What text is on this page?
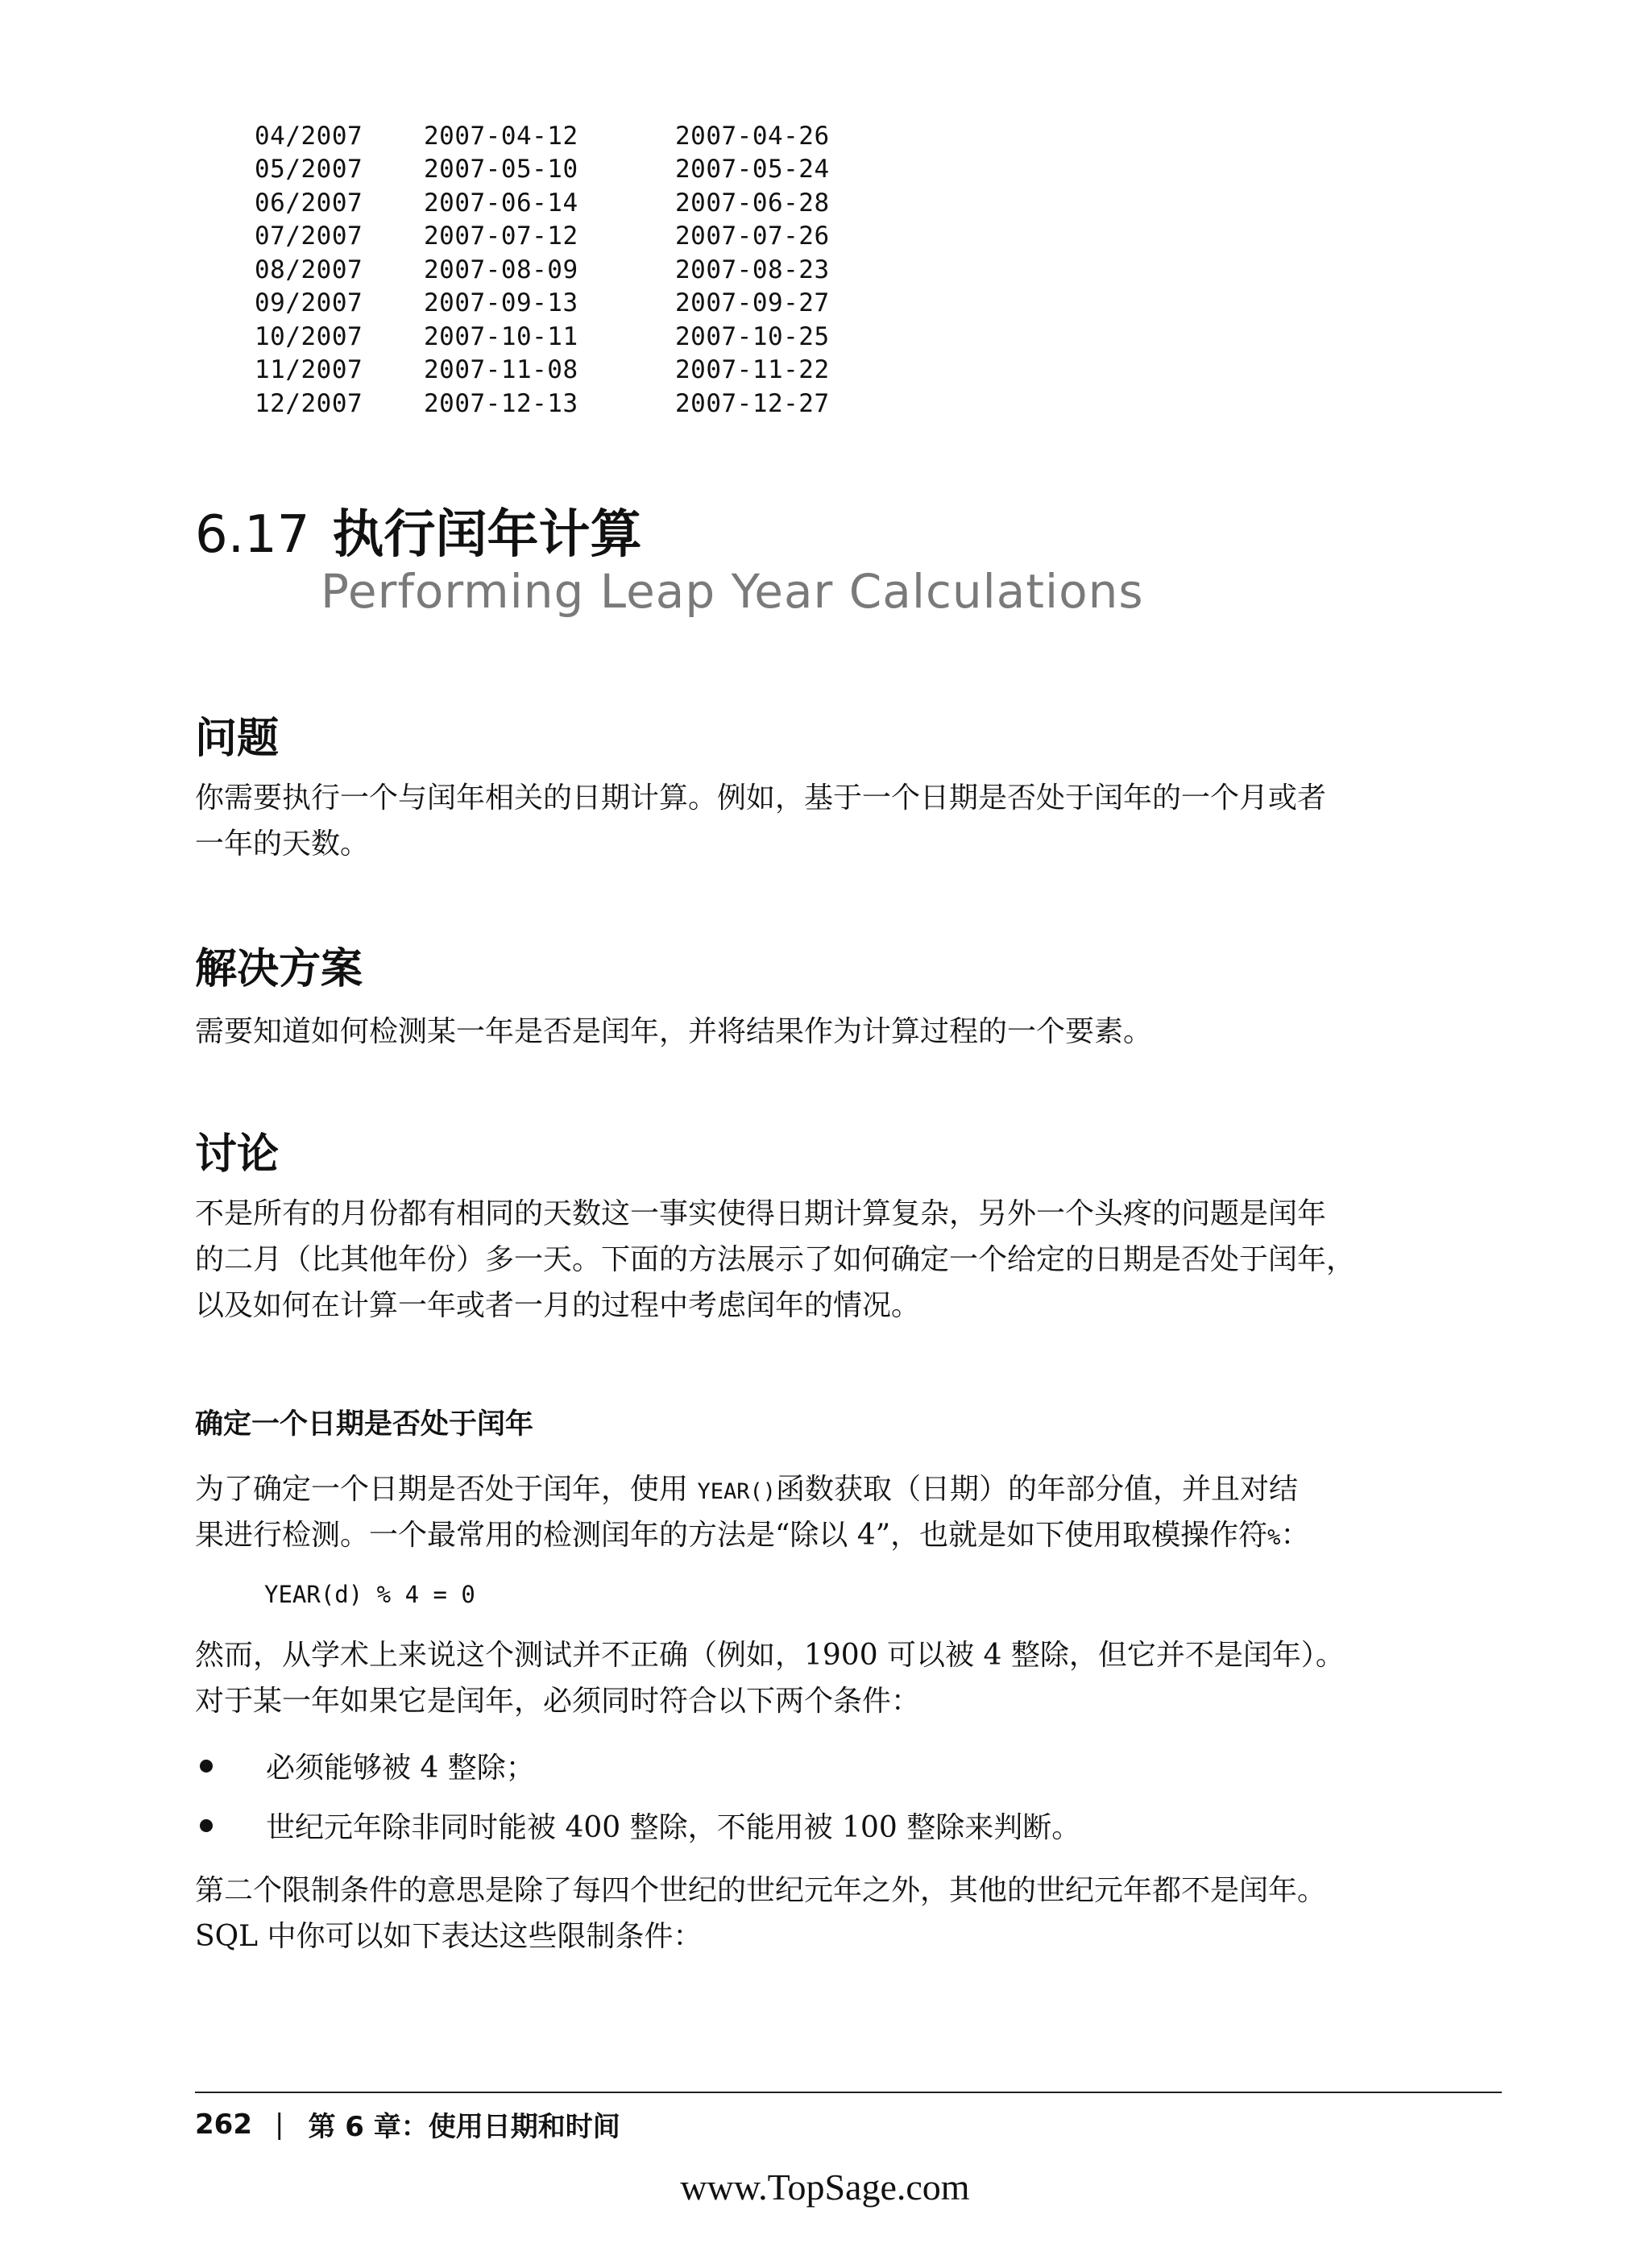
04/2007	2007-04-12	2007-04-26
05/2007	2007-05-10	2007-05-24
06/2007	2007-06-14	2007-06-28
07/2007	2007-07-12	2007-07-26
08/2007	2007-08-09	2007-08-23
09/2007	2007-09-13	2007-09-27
10/2007	2007-10-11	2007-10-25
11/2007	2007-11-08	2007-11-22
12/2007	2007-12-13	2007-12-27
6.17 执行闰年计算
Performing Leap Year Calculations
问题

你需要执行一个与闰年相关的日期计算。例如，基于一个日期是否处于闰年的一个月或者

一年的天数。

解决方案

需要知道如何检测某一年是否是闰年，并将结果作为计算过程的一个要素。

讨论

不是所有的月份都有相同的天数这一事实使得日期计算复杂，另外一个头疼的问题是闰年

的二月（比其他年份）多一天。下面的方法展示了如何确定一个给定的日期是否处于闰年，

以及如何在计算一年或者一月的过程中考虑闰年的情况。

确定一个日期是否处于闰年

为了确定一个日期是否处于闰年，使用 YEAR()函数获取（日期）的年部分值，并且对结

果进行检测。一个最常用的检测闰年的方法是“除以 4”，也就是如下使用取模操作符%：

YEAR(d) % 4 = 0

然而，从学术上来说这个测试并不正确（例如，1900 可以被 4 整除，但它并不是闰年）。

对于某一年如果它是闰年，必须同时符合以下两个条件：

必须能够被 4 整除；
世纪元年除非同时能被 400 整除，不能用被 100 整除来判断。

第二个限制条件的意思是除了每四个世纪的世纪元年之外，其他的世纪元年都不是闰年。

SQL 中你可以如下表达这些限制条件：

262 | 第 6 章：使用日期和时间
www.TopSage.com
